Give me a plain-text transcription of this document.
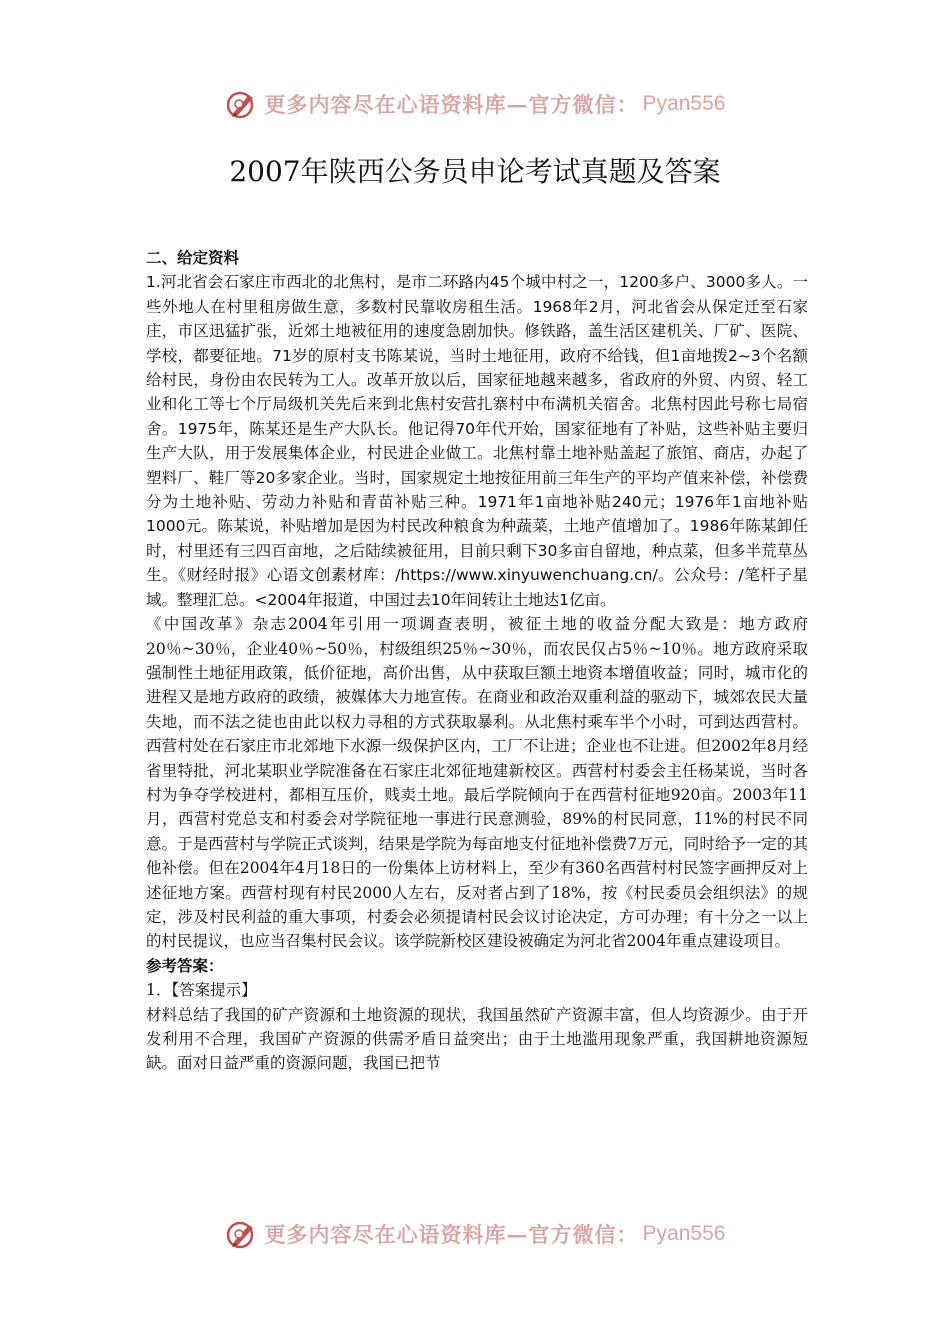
更多内容尽在心语资料库—官方微信： Pyan556
2007年陕西公务员申论考试真题及答案

二、给定资料

1.河北省会石家庄市西北的北焦村，是市二环路内45个城中村之一，1200多户、3000多人。一些外地人在村里租房做生意，多数村民靠收房租生活。1968年2月，河北省会从保定迁至石家庄，市区迅猛扩张，近郊土地被征用的速度急剧加快。修铁路，盖生活区建机关、厂矿、医院、学校，都要征地。71岁的原村支书陈某说，当时土地征用，政府不给钱，但1亩地拨2~3个名额给村民，身份由农民转为工人。改革开放以后，国家征地越来越多，省政府的外贸、内贸、轻工业和化工等七个厅局级机关先后来到北焦村安营扎寨村中布满机关宿舍。北焦村因此号称七局宿舍。1975年，陈某还是生产大队长。他记得70年代开始，国家征地有了补贴，这些补贴主要归生产大队，用于发展集体企业，村民进企业做工。北焦村靠土地补贴盖起了旅馆、商店，办起了塑料厂、鞋厂等20多家企业。当时，国家规定土地按征用前三年生产的平均产值来补偿，补偿费分为土地补贴、劳动力补贴和青苗补贴三种。1971年1亩地补贴240元；1976年1亩地补贴1000元。陈某说，补贴增加是因为村民改种粮食为种蔬菜，土地产值增加了。1986年陈某卸任时，村里还有三四百亩地，之后陆续被征用，目前只剩下30多亩自留地，种点菜，但多半荒草丛生。《财经时报》心语文创素材库：/https://www.xinyuwenchuang.cn/。公众号：/笔杆子星域。整理汇总。<2004年报道，中国过去10年间转让土地达1亿亩。

《中国改革》杂志2004年引用一项调查表明，被征土地的收益分配大致是：地方政府20％~30％，企业40％~50％，村级组织25％~30％，而农民仅占5％~10％。地方政府采取强制性土地征用政策，低价征地，高价出售，从中获取巨额土地资本增值收益；同时，城市化的进程又是地方政府的政绩，被媒体大力地宣传。在商业和政治双重利益的驱动下，城郊农民大量失地，而不法之徒也由此以权力寻租的方式获取暴利。从北焦村乘车半个小时，可到达西营村。西营村处在石家庄市北郊地下水源一级保护区内，工厂不让进；企业也不让进。但2002年8月经省里特批，河北某职业学院准备在石家庄北郊征地建新校区。西营村村委会主任杨某说，当时各村为争夺学校进村，都相互压价，贱卖土地。最后学院倾向于在西营村征地920亩。2003年11月，西营村党总支和村委会对学院征地一事进行民意测验，89%的村民同意，11%的村民不同意。于是西营村与学院正式谈判，结果是学院为每亩地支付征地补偿费7万元，同时给予一定的其他补偿。但在2004年4月18日的一份集体上访材料上，至少有360名西营村村民签字画押反对上述征地方案。西营村现有村民2000人左右，反对者占到了18%，按《村民委员会组织法》的规定，涉及村民利益的重大事项，村委会必须提请村民会议讨论决定，方可办理；有十分之一以上的村民提议，也应当召集村民会议。该学院新校区建设被确定为河北省2004年重点建设项目。

参考答案：

1．【答案提示】

材料总结了我国的矿产资源和土地资源的现状，我国虽然矿产资源丰富，但人均资源少。由于开发利用不合理，我国矿产资源的供需矛盾日益突出；由于土地滥用现象严重，我国耕地资源短缺。面对日益严重的资源问题，我国已把节

更多内容尽在心语资料库—官方微信： Pyan556
